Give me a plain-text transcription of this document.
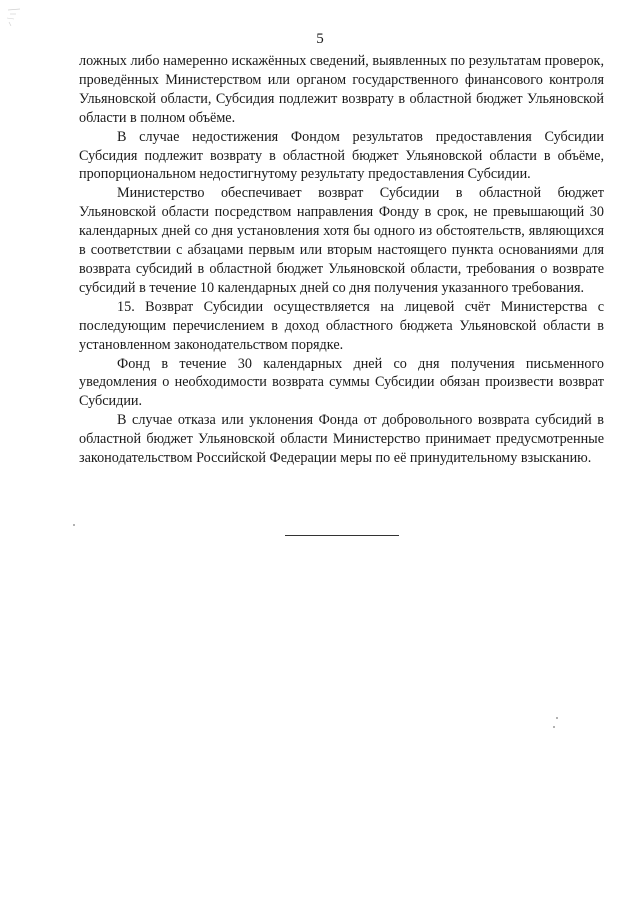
5

ложных либо намеренно искажённых сведений, выявленных по результатам проверок, проведённых Министерством или органом государственного финансового контроля Ульяновской области, Субсидия подлежит возврату в областной бюджет Ульяновской области в полном объёме.

В случае недостижения Фондом результатов предоставления Субсидии Субсидия подлежит возврату в областной бюджет Ульяновской области в объёме, пропорциональном недостигнутому результату предоставления Субсидии.

Министерство обеспечивает возврат Субсидии в областной бюджет Ульяновской области посредством направления Фонду в срок, не превышающий 30 календарных дней со дня установления хотя бы одного из обстоятельств, являющихся в соответствии с абзацами первым или вторым настоящего пункта основаниями для возврата субсидий в областной бюджет Ульяновской области, требования о возврате субсидий в течение 10 календарных дней со дня получения указанного требования.

15. Возврат Субсидии осуществляется на лицевой счёт Министерства с последующим перечислением в доход областного бюджета Ульяновской области в установленном законодательством порядке.

Фонд в течение 30 календарных дней со дня получения письменного уведомления о необходимости возврата суммы Субсидии обязан произвести возврат Субсидии.

В случае отказа или уклонения Фонда от добровольного возврата субсидий в областной бюджет Ульяновской области Министерство принимает предусмотренные законодательством Российской Федерации меры по её принудительному взысканию.
